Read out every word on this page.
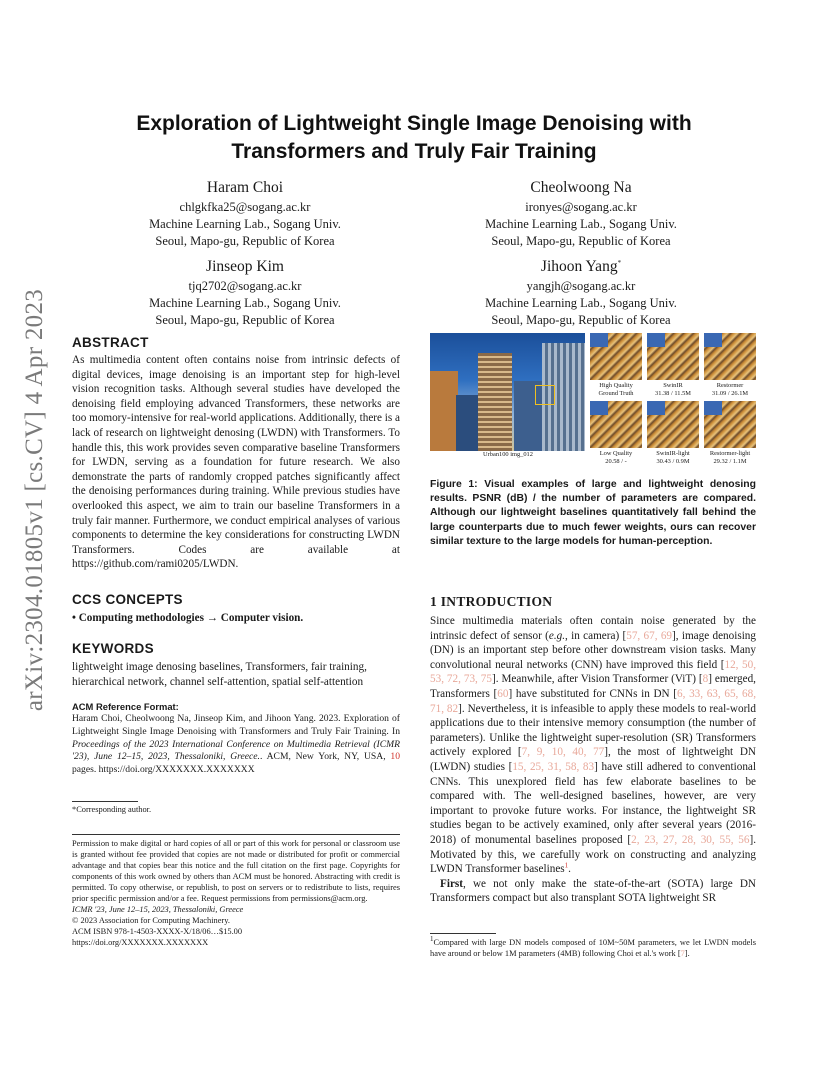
arXiv:2304.01805v1 [cs.CV] 4 Apr 2023
Exploration of Lightweight Single Image Denoising with
Transformers and Truly Fair Training
Haram Choi
chlgkfka25@sogang.ac.kr
Machine Learning Lab., Sogang Univ.
Seoul, Mapo-gu, Republic of Korea
Cheolwoong Na
ironyes@sogang.ac.kr
Machine Learning Lab., Sogang Univ.
Seoul, Mapo-gu, Republic of Korea
Jinseop Kim
tjq2702@sogang.ac.kr
Machine Learning Lab., Sogang Univ.
Seoul, Mapo-gu, Republic of Korea
Jihoon Yang*
yangjh@sogang.ac.kr
Machine Learning Lab., Sogang Univ.
Seoul, Mapo-gu, Republic of Korea
ABSTRACT
As multimedia content often contains noise from intrinsic defects of digital devices, image denoising is an important step for high-level vision recognition tasks. Although several studies have developed the denoising field employing advanced Transformers, these networks are too momory-intensive for real-world applications. Additionally, there is a lack of research on lightweight denosing (LWDN) with Transformers. To handle this, this work provides seven comparative baseline Transformers for LWDN, serving as a foundation for future research. We also demonstrate the parts of randomly cropped patches significantly affect the denoising performances during training. While previous studies have overlooked this aspect, we aim to train our baseline Transformers in a truly fair manner. Furthermore, we conduct empirical analyses of various components to determine the key considerations for constructing LWDN Transformers. Codes are available at https://github.com/rami0205/LWDN.
CCS CONCEPTS
• Computing methodologies → Computer vision.
KEYWORDS
lightweight image denosing baselines, Transformers, fair training, hierarchical network, channel self-attention, spatial self-attention
ACM Reference Format:
Haram Choi, Cheolwoong Na, Jinseop Kim, and Jihoon Yang. 2023. Exploration of Lightweight Single Image Denoising with Transformers and Truly Fair Training. In Proceedings of the 2023 International Conference on Multimedia Retrieval (ICMR '23), June 12–15, 2023, Thessaloniki, Greece.. ACM, New York, NY, USA, 10 pages. https://doi.org/XXXXXXX.XXXXXXX
*Corresponding author.
Permission to make digital or hard copies of all or part of this work for personal or classroom use is granted without fee provided that copies are not made or distributed for profit or commercial advantage and that copies bear this notice and the full citation on the first page. Copyrights for components of this work owned by others than ACM must be honored. Abstracting with credit is permitted. To copy otherwise, or republish, to post on servers or to redistribute to lists, requires prior specific permission and/or a fee. Request permissions from permissions@acm.org.
ICMR '23, June 12–15, 2023, Thessaloniki, Greece
© 2023 Association for Computing Machinery.
ACM ISBN 978-1-4503-XXXX-X/18/06…$15.00
https://doi.org/XXXXXXX.XXXXXXX
Urban100 img_012
High Quality
Ground Truth
SwinIR
31.38 / 11.5M
Restormer
31.09 / 26.1M
Low Quality
20.58 / -
SwinIR-light
30.43 / 0.9M
Restormer-light
29.32 / 1.1M
Figure 1: Visual examples of large and lightweight denosing results. PSNR (dB) / the number of parameters are compared. Although our lightweight baselines quantitatively fall behind the large counterparts due to much fewer weights, ours can recover similar texture to the large models for human-perception.
1 INTRODUCTION
Since multimedia materials often contain noise generated by the intrinsic defect of sensor (e.g., in camera) [57, 67, 69], image denoising (DN) is an important step before other downstream vision tasks. Many convolutional neural networks (CNN) have improved this field [12, 50, 53, 72, 73, 75]. Meanwhile, after Vision Transformer (ViT) [8] emerged, Transformers [60] have substituted for CNNs in DN [6, 33, 63, 65, 68, 71, 82]. Nevertheless, it is infeasible to apply these models to real-world applications due to their intensive memory consumption (the number of parameters). Unlike the lightweight super-resolution (SR) Transformers actively explored [7, 9, 10, 40, 77], the most of lightweight DN (LWDN) studies [15, 25, 31, 58, 83] have still adhered to conventional CNNs. This unexplored field has few elaborate baselines to be compared with. The well-designed baselines, however, are very important to provoke future works. For instance, the lightweight SR studies began to be actively examined, only after several years (2016-2018) of monumental baselines proposed [2, 23, 27, 28, 30, 55, 56]. Motivated by this, we carefully work on constructing and analyzing LWDN Transformer baselines$^1$.
First, we not only make the state-of-the-art (SOTA) large DN Transformers compact but also transplant SOTA lightweight SR
$^1$Compared with large DN models composed of 10M~50M parameters, we let LWDN models have around or below 1M parameters (4MB) following Choi et al.'s work [7].
